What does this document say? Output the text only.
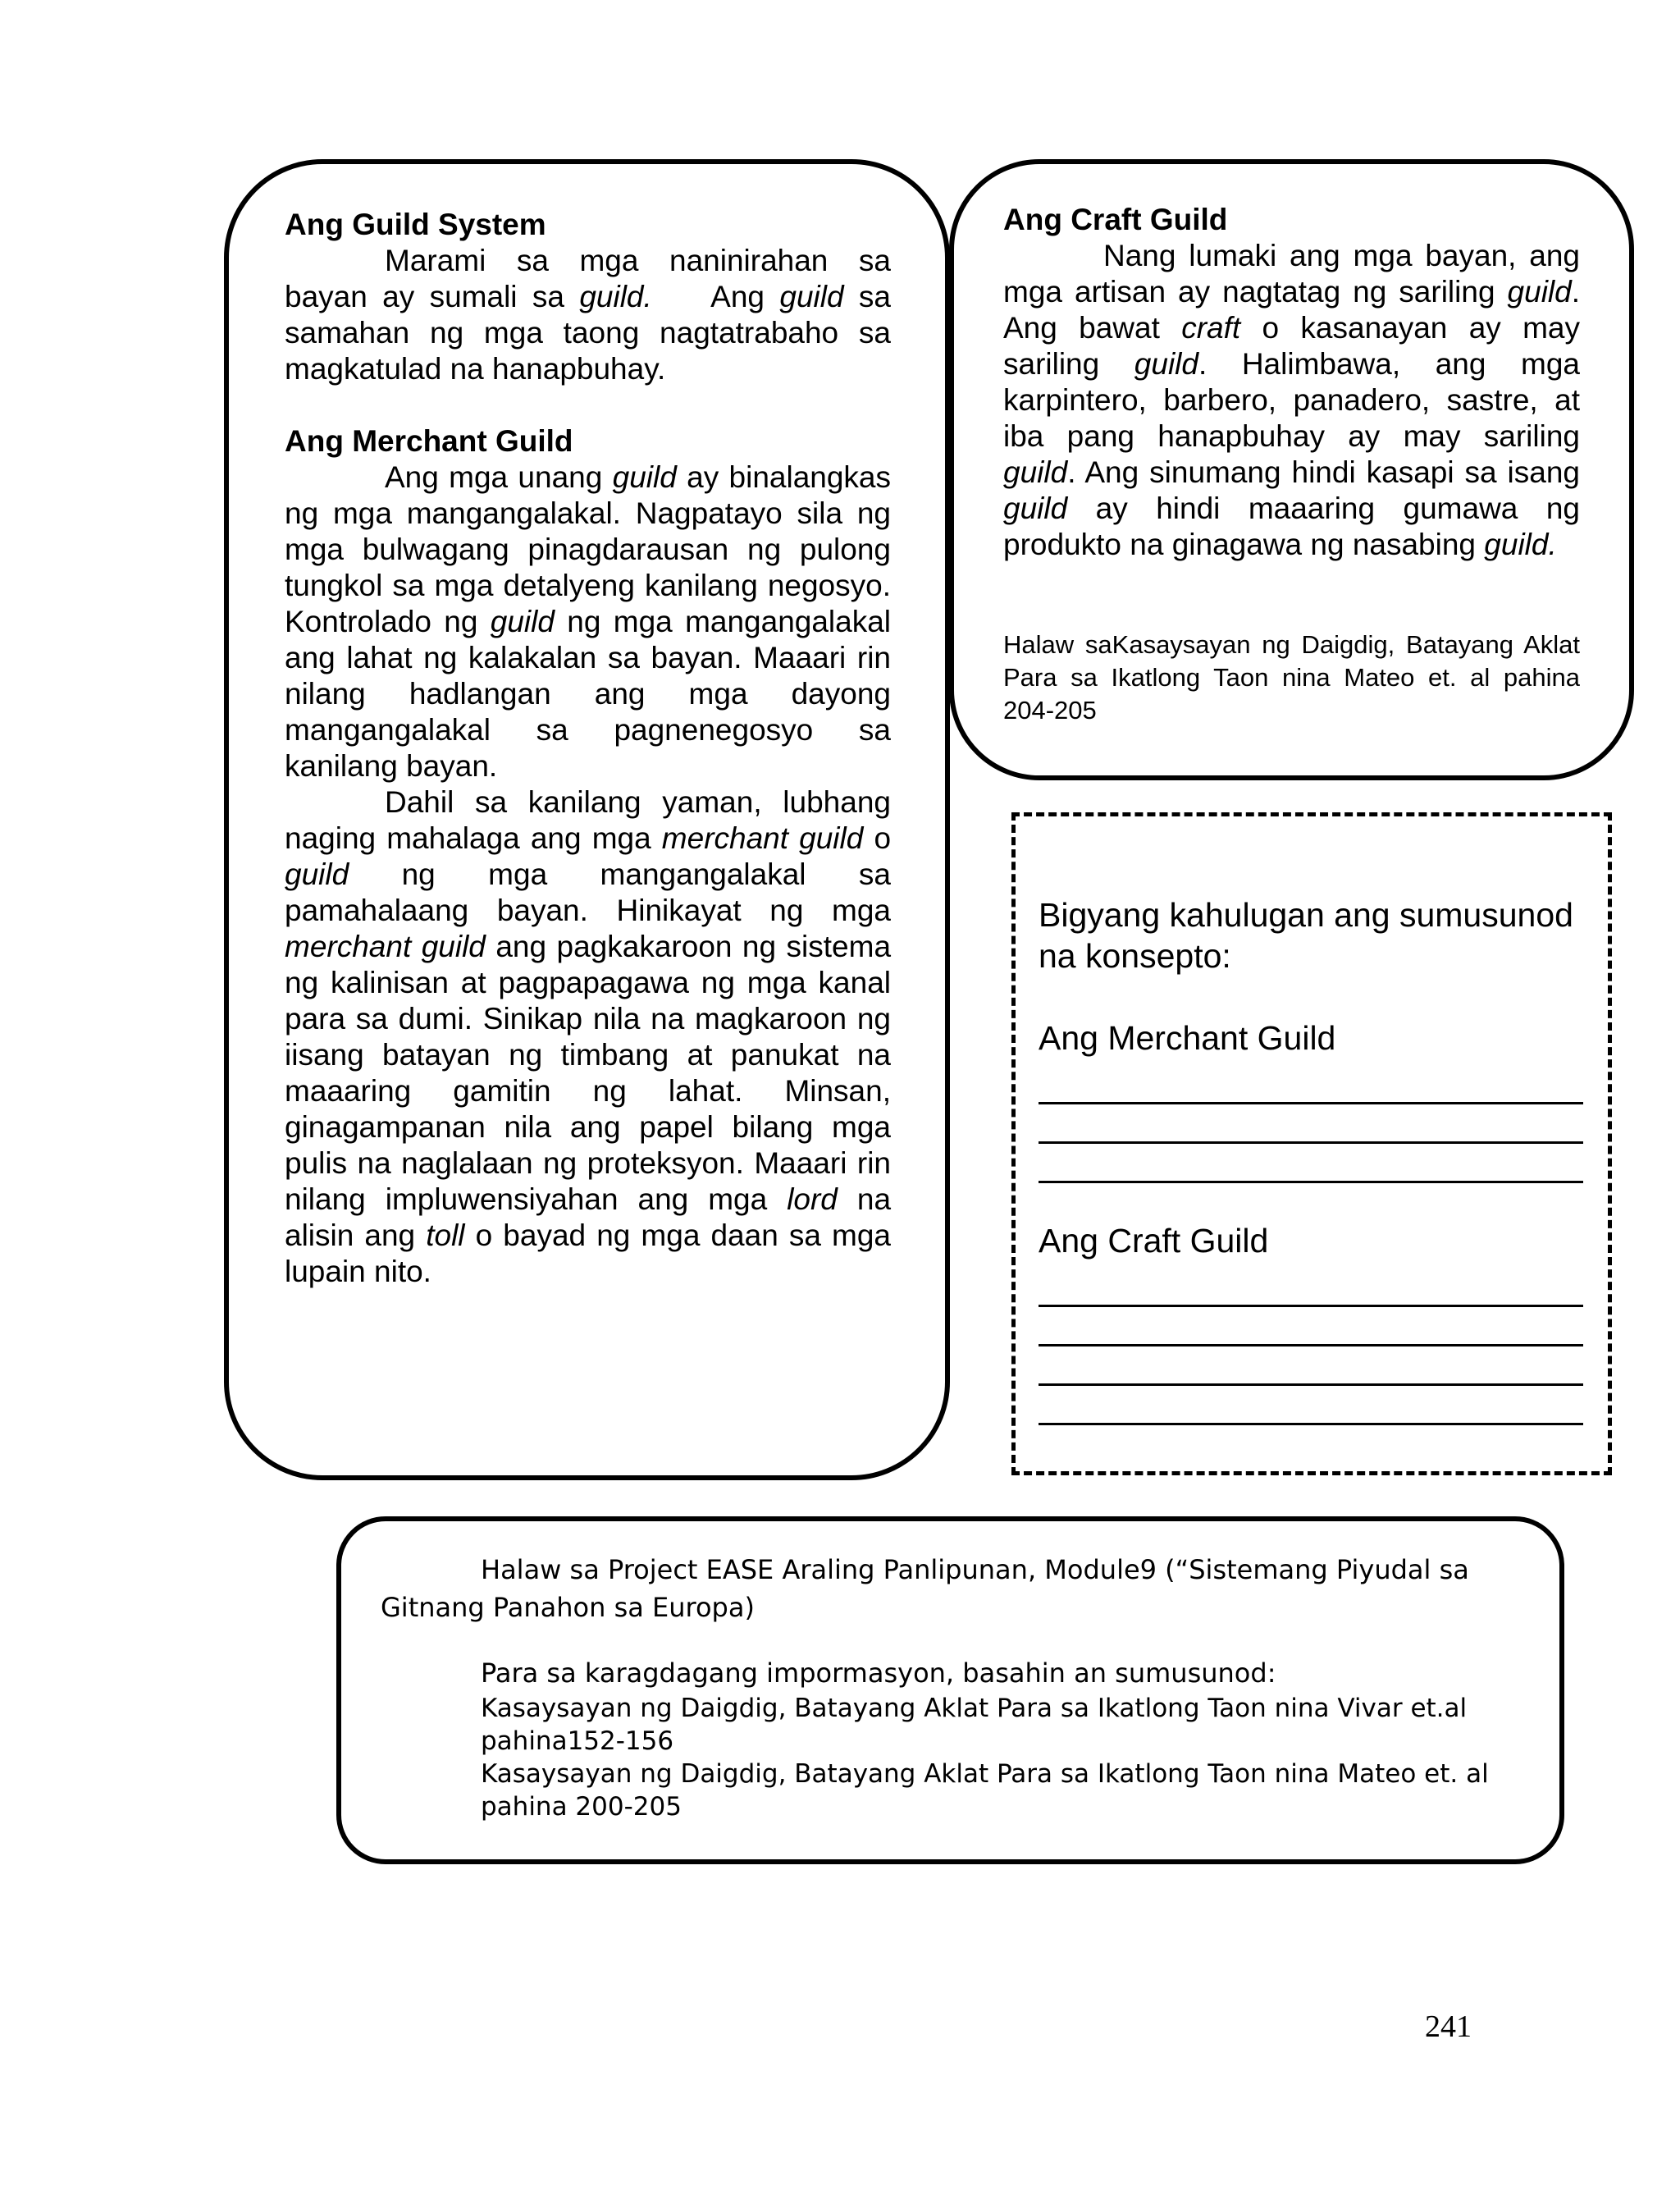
Ang Guild System

Marami sa mga naninirahan sa bayan ay sumali sa guild. Ang guild sa samahan ng mga taong nagtatrabaho sa magkatulad na hanapbuhay.

Ang Merchant Guild

Ang mga unang guild ay binalangkas ng mga mangangalakal. Nagpatayo sila ng mga bulwagang pinagdarausan ng pulong tungkol sa mga detalyeng kanilang negosyo. Kontrolado ng guild ng mga mangangalakal ang lahat ng kalakalan sa bayan. Maaari rin nilang hadlangan ang mga dayong mangangalakal sa pagnenegosyo sa kanilang bayan.

Dahil sa kanilang yaman, lubhang naging mahalaga ang mga merchant guild o guild ng mga mangangalakal sa pamahalaang bayan. Hinikayat ng mga merchant guild ang pagkakaroon ng sistema ng kalinisan at pagpapagawa ng mga kanal para sa dumi. Sinikap nila na magkaroon ng iisang batayan ng timbang at panukat na maaaring gamitin ng lahat. Minsan, ginagampanan nila ang papel bilang mga pulis na naglalaan ng proteksyon. Maaari rin nilang impluwensiyahan ang mga lord na alisin ang toll o bayad ng mga daan sa mga lupain nito.

Ang Craft Guild

Nang lumaki ang mga bayan, ang mga artisan ay nagtatag ng sariling guild. Ang bawat craft o kasanayan ay may sariling guild. Halimbawa, ang mga karpintero, barbero, panadero, sastre, at iba pang hanapbuhay ay may sariling guild. Ang sinumang hindi kasapi sa isang guild ay hindi maaaring gumawa ng produkto na ginagawa ng nasabing guild.

Halaw saKasaysayan ng Daigdig, Batayang Aklat Para sa Ikatlong Taon nina Mateo et. al pahina 204-205

Bigyang kahulugan ang sumusunod na konsepto:

Ang Merchant Guild

Ang Craft Guild

Halaw sa Project EASE Araling Panlipunan, Module9 (“Sistemang Piyudal sa Gitnang Panahon sa Europa)

Para sa karagdagang impormasyon, basahin an sumusunod:

Kasaysayan ng Daigdig, Batayang Aklat Para sa Ikatlong Taon nina Vivar et.al pahina152-156

Kasaysayan ng Daigdig, Batayang Aklat Para sa Ikatlong Taon nina Mateo et. al pahina 200-205

241
